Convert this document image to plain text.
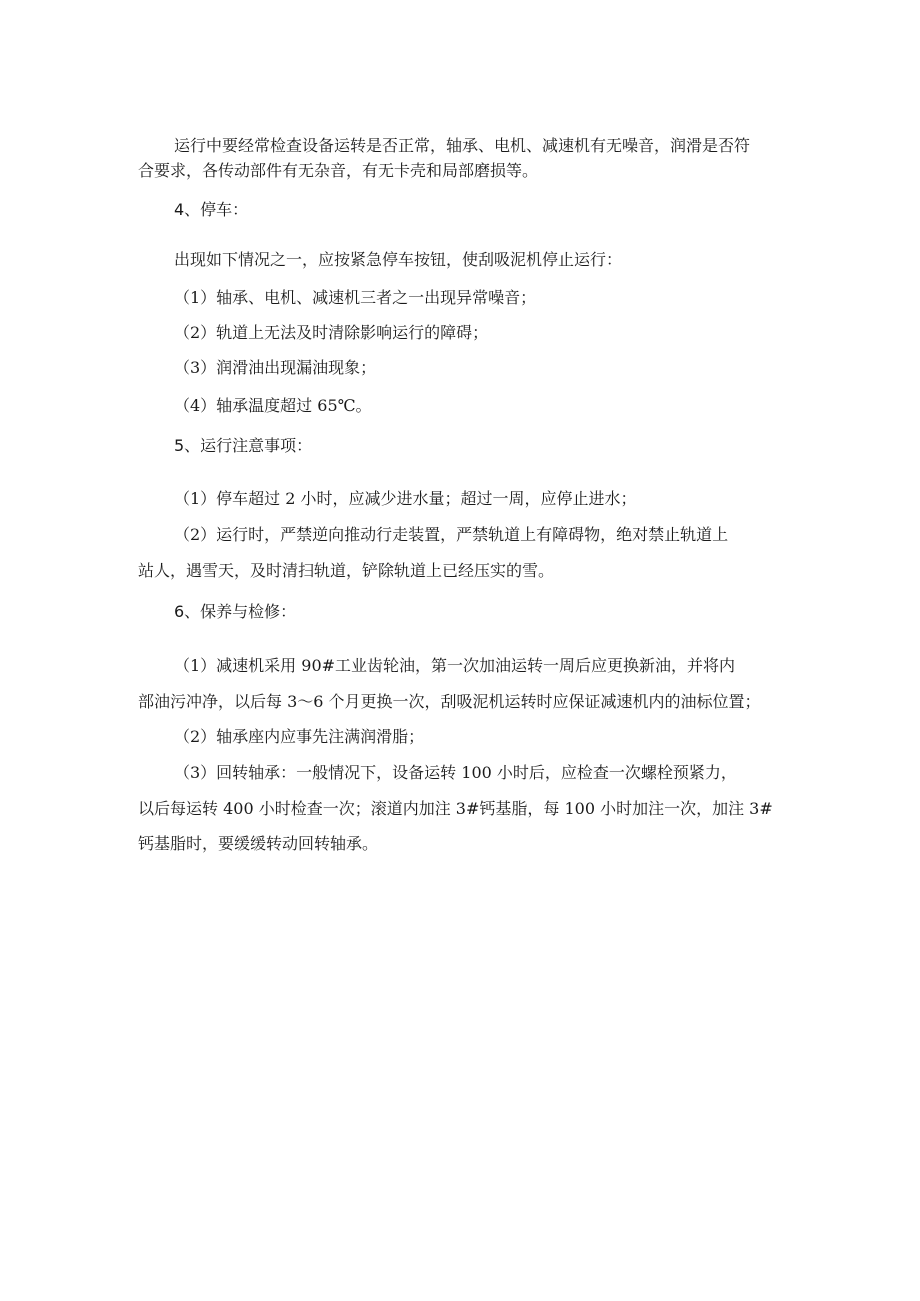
运行中要经常检查设备运转是否正常，轴承、电机、减速机有无噪音，润滑是否符

合要求，各传动部件有无杂音，有无卡壳和局部磨损等。

4、停车：

出现如下情况之一，应按紧急停车按钮，使刮吸泥机停止运行：

（1）轴承、电机、减速机三者之一出现异常噪音；

（2）轨道上无法及时清除影响运行的障碍；

（3）润滑油出现漏油现象；

（4）轴承温度超过 65℃。

5、运行注意事项：

（1）停车超过 2 小时，应减少进水量；超过一周，应停止进水；

（2）运行时，严禁逆向推动行走装置，严禁轨道上有障碍物，绝对禁止轨道上

站人，遇雪天，及时清扫轨道，铲除轨道上已经压实的雪。

6、保养与检修：

（1）减速机采用 90#工业齿轮油，第一次加油运转一周后应更换新油，并将内

部油污冲净，以后每 3～6 个月更换一次，刮吸泥机运转时应保证减速机内的油标位置；

（2）轴承座内应事先注满润滑脂；

（3）回转轴承：一般情况下，设备运转 100 小时后，应检查一次螺栓预紧力，

以后每运转 400 小时检查一次；滚道内加注 3#钙基脂，每 100 小时加注一次，加注 3#

钙基脂时，要缓缓转动回转轴承。
